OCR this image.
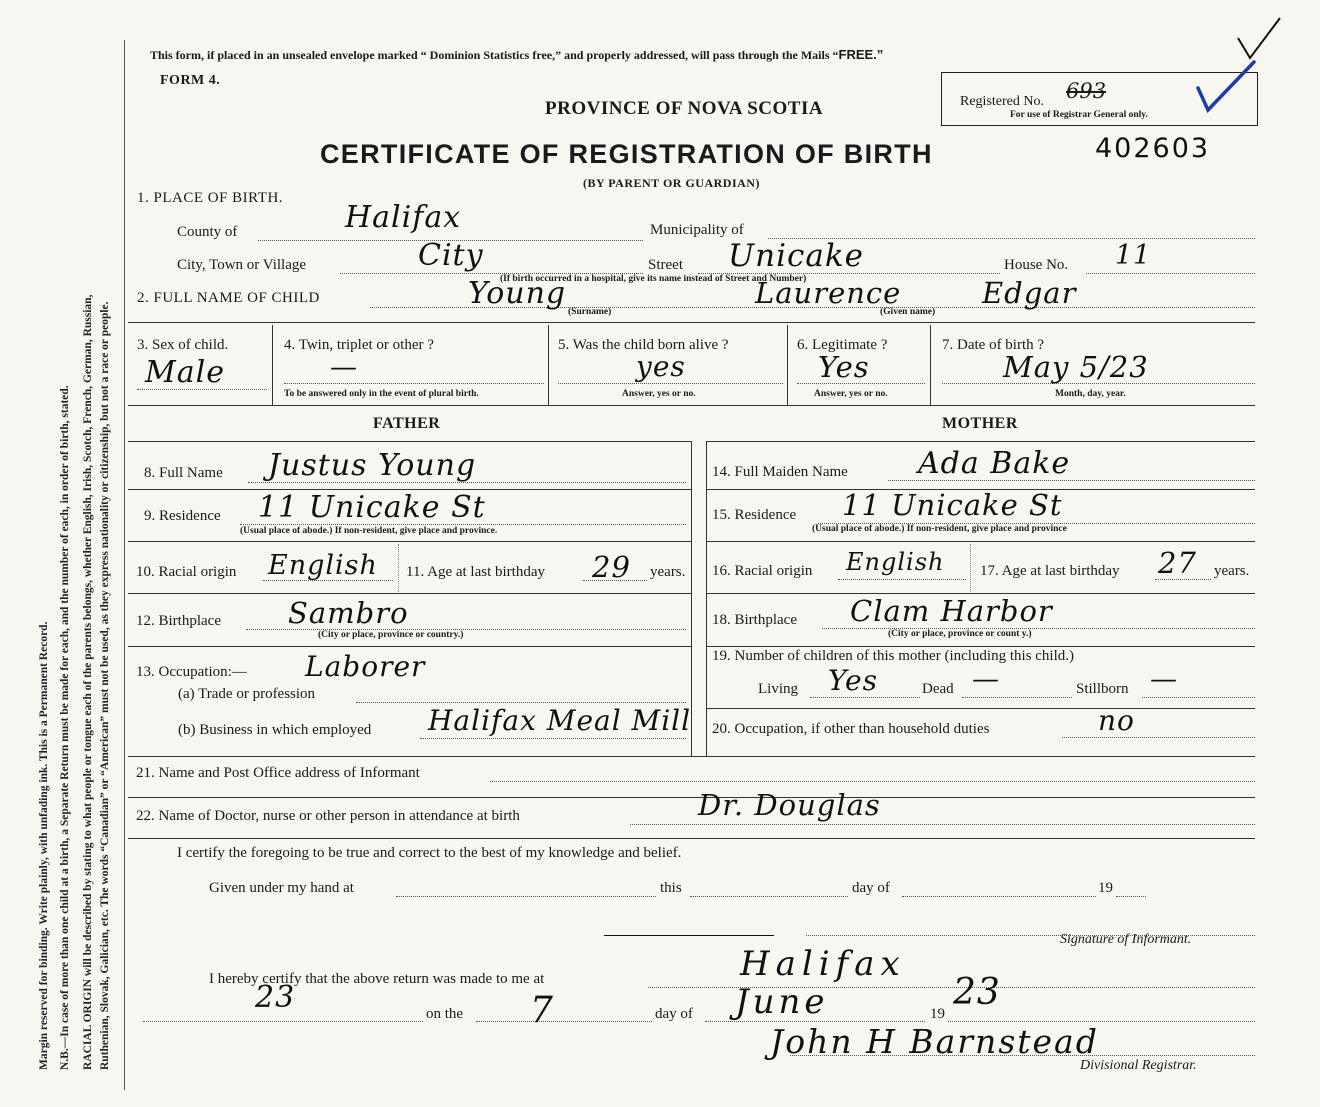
Margin reserved for binding. Write plainly, with unfading ink. This is a Permanent Record. N.B.—In case of more than one child at a birth, a Separate Return must be made for each, and the number of each, in order of birth, stated. RACIAL ORIGIN will be described by stating to what people or tongue each of the parents belongs, whether English, Irish, Scotch, French, German, Russian, Ruthenian, Slovak, Galician, etc. The words “Canadian” or “American” must not be used, as they express nationality or citizenship, but not a race or people.
This form, if placed in an unsealed envelope marked “ Dominion Statistics free,” and properly addressed, will pass through the Mails “FREE.”
FORM 4.
Registered No. 693
For use of Registrar General only.
PROVINCE OF NOVA SCOTIA
CERTIFICATE OF REGISTRATION OF BIRTH	402603
(BY PARENT OR GUARDIAN)
1. PLACE OF BIRTH.
County of	Halifax	Municipality of
City, Town or Village	City	Street Unicake	House No. 11
(If birth occurred in a hospital, give its name instead of Street and Number)
2. FULL NAME OF CHILD	Young	Laurence	Edgar
(Surname)	(Given name)
3. Sex of child.
Male
4. Twin, triplet or other ?
—
To be answered only in the event of plural birth.
5. Was the child born alive ?
yes
Answer, yes or no.
6. Legitimate ?
Yes
Answer, yes or no.
7. Date of birth ?
May 5/23
Month, day, year.
FATHER	MOTHER
8. Full Name Justus Young
9. Residence 11 Unicake St
(Usual place of abode.) If non-resident, give place and province.
10. Racial origin English 11. Age at last birthday 29 years.
12. Birthplace Sambro
(City or place, province or country.)
14. Full Maiden Name Ada Bake
15. Residence 11 Unicake St
(Usual place of abode.) If non-resident, give place and province
16. Racial origin English 17. Age at last birthday 27 years.
18. Birthplace Clam Harbor
(City or place, province or count y.)
13. Occupation:— Laborer
(a) Trade or profession
(b) Business in which employed Halifax Meal Mill
19. Number of children of this mother (including this child.)
Living Yes	Dead —	Stillborn —
20. Occupation, if other than household duties	no
21. Name and Post Office address of Informant
22. Name of Doctor, nurse or other person in attendance at birth	Dr. Douglas
I certify the foregoing to be true and correct to the best of my knowledge and belief.
Given under my hand at	this	day of	19
Signature of Informant.
I hereby certify that the above return was made to me at	Halifax
23	on the 7	day of June	19
23
John H Barnstead
Divisional Registrar.
